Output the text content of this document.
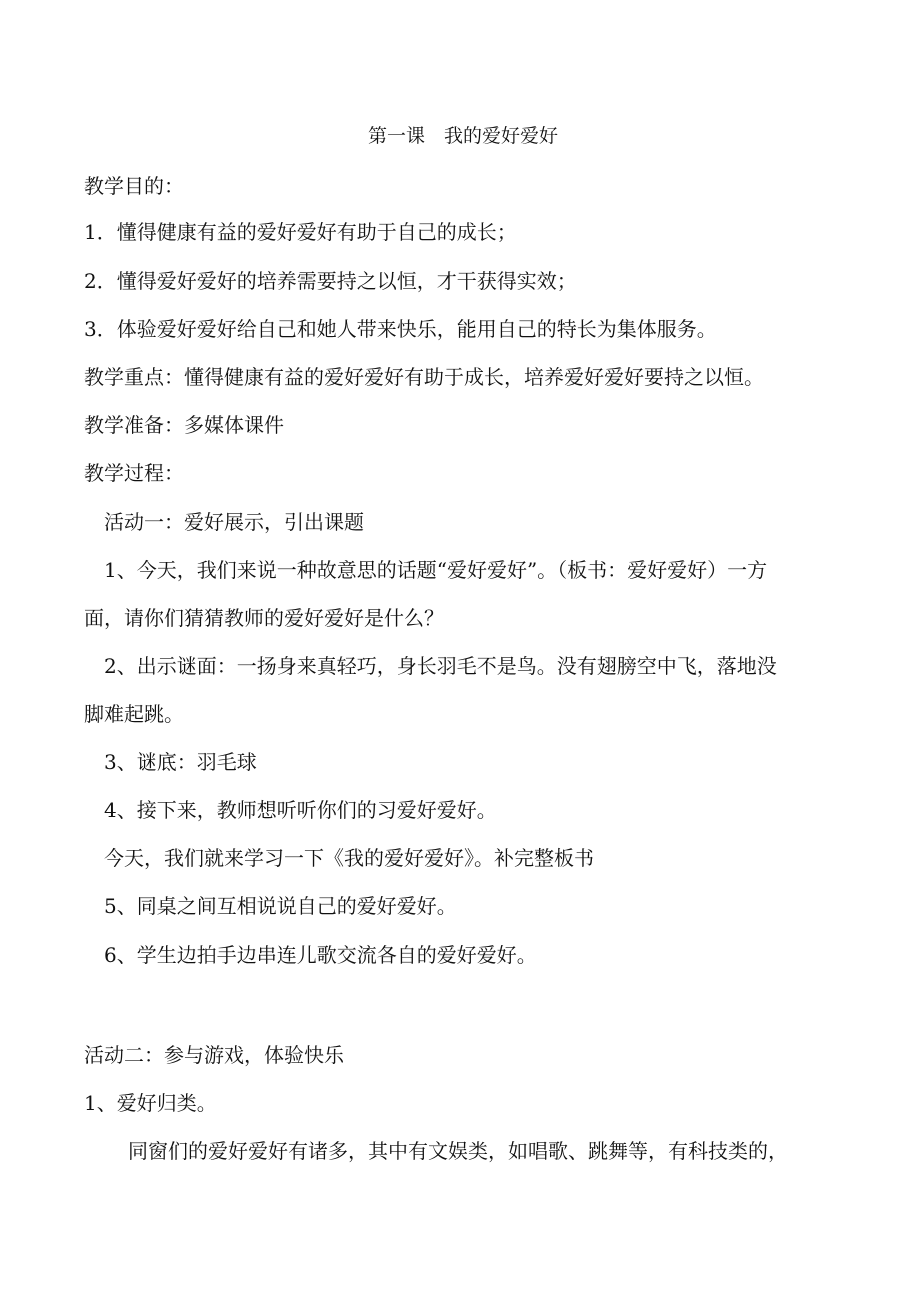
第一课　我的爱好爱好
教学目的：
1．懂得健康有益的爱好爱好有助于自己的成长；
2．懂得爱好爱好的培养需要持之以恒，才干获得实效；
3．体验爱好爱好给自己和她人带来快乐，能用自己的特长为集体服务。
教学重点：懂得健康有益的爱好爱好有助于成长，培养爱好爱好要持之以恒。
教学准备：多媒体课件
教学过程：
活动一：爱好展示，引出课题
1、今天，我们来说一种故意思的话题“爱好爱好”。（板书：爱好爱好）一方
面，请你们猜猜教师的爱好爱好是什么？
2、出示谜面：一扬身来真轻巧，身长羽毛不是鸟。没有翅膀空中飞，落地没
脚难起跳。
3、谜底：羽毛球
4、接下来，教师想听听你们的习爱好爱好。
今天，我们就来学习一下《我的爱好爱好》。补完整板书
5、同桌之间互相说说自己的爱好爱好。
6、学生边拍手边串连儿歌交流各自的爱好爱好。
活动二：参与游戏，体验快乐
1、爱好归类。
同窗们的爱好爱好有诸多，其中有文娱类，如唱歌、跳舞等，有科技类的，
